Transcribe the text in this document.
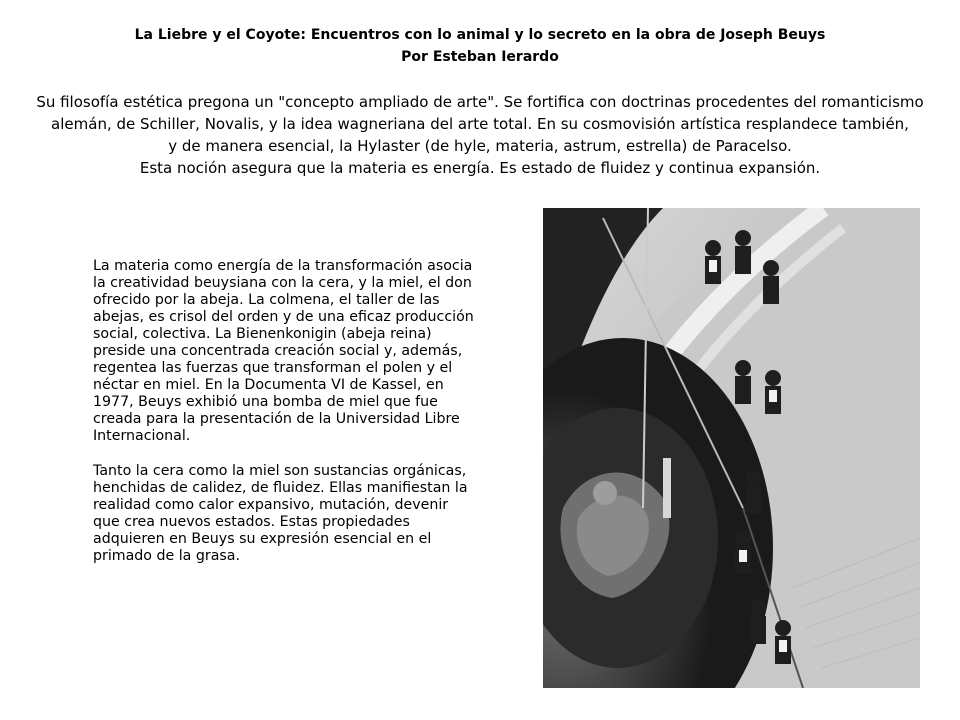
La Liebre y el Coyote: Encuentros con lo animal y lo secreto en la obra de Joseph Beuys
Por Esteban Ierardo
Su filosofía estética pregona un "concepto ampliado de arte". Se fortifica con doctrinas procedentes del romanticismo
alemán, de Schiller, Novalis, y la idea wagneriana del arte total. En su cosmovisión artística resplandece también,
y de manera esencial, la Hylaster (de hyle, materia, astrum, estrella) de Paracelso.
Esta noción asegura que la materia es energía. Es estado de fluidez y continua expansión.

La materia como energía de la transformación asocia la creatividad beuysiana con la cera, y la miel, el don ofrecido por la abeja. La colmena, el taller de las abejas, es crisol del orden y de una eficaz producción social, colectiva. La Bienenkonigin (abeja reina) preside una concentrada creación social y, además, regentea las fuerzas que transforman el polen y el néctar en miel. En la Documenta VI de Kassel, en 1977, Beuys exhibió una bomba de miel que fue creada para la presentación de la Universidad Libre Internacional.

Tanto la cera como la miel son sustancias orgánicas, henchidas de calidez, de fluidez. Ellas manifiestan la realidad como calor expansivo, mutación, devenir que crea nuevos estados. Estas propiedades adquieren en Beuys su expresión esencial en el primado de la grasa.
